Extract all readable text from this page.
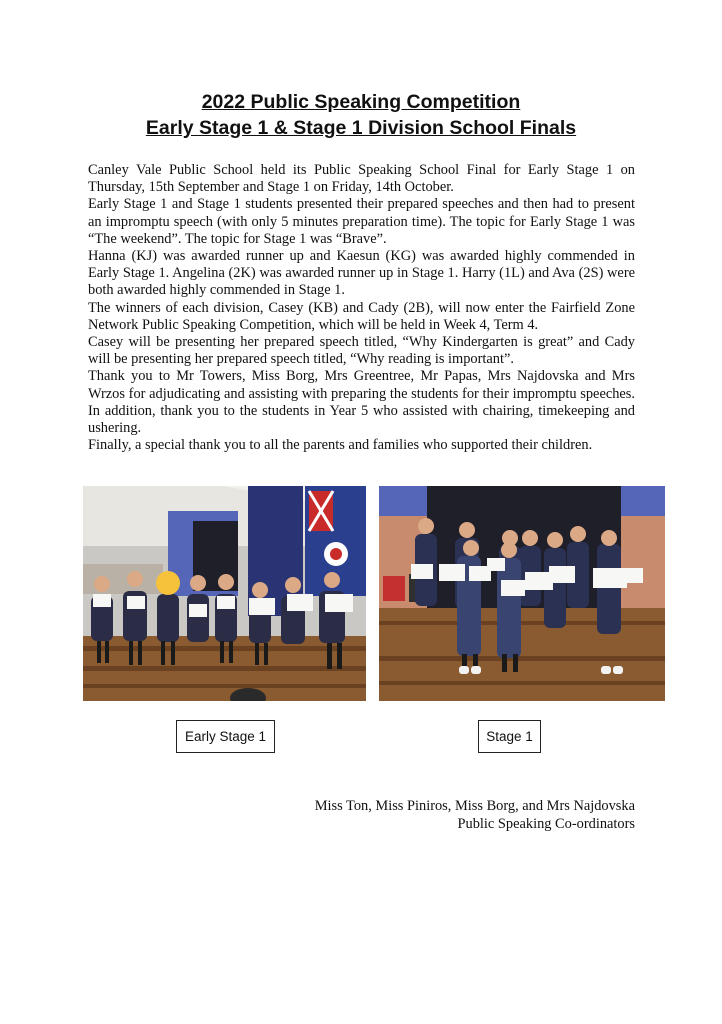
2022 Public Speaking Competition
Early Stage 1 & Stage 1 Division School Finals

Canley Vale Public School held its Public Speaking School Final for Early Stage 1 on Thursday, 15th September and Stage 1 on Friday, 14th October.

Early Stage 1 and Stage 1 students presented their prepared speeches and then had to present an impromptu speech (with only 5 minutes preparation time). The topic for Early Stage 1 was “The weekend”. The topic for Stage 1 was “Brave”.

Hanna (KJ) was awarded runner up and Kaesun (KG) was awarded highly commended in Early Stage 1. Angelina (2K) was awarded runner up in Stage 1. Harry (1L) and Ava (2S) were both awarded highly commended in Stage 1.

The winners of each division, Casey (KB) and Cady (2B), will now enter the Fairfield Zone Network Public Speaking Competition, which will be held in Week 4, Term 4.

Casey will be presenting her prepared speech titled, “Why Kindergarten is great” and Cady will be presenting her prepared speech titled, “Why reading is important”.

Thank you to Mr Towers, Miss Borg, Mrs Greentree, Mr Papas, Mrs Najdovska and Mrs Wrzos for adjudicating and assisting with preparing the students for their impromptu speeches. In addition, thank you to the students in Year 5 who assisted with chairing, timekeeping and ushering.

Finally, a special thank you to all the parents and families who supported their children.

Early Stage 1	Stage 1
Miss Ton, Miss Piniros, Miss Borg, and Mrs Najdovska
Public Speaking Co-ordinators
